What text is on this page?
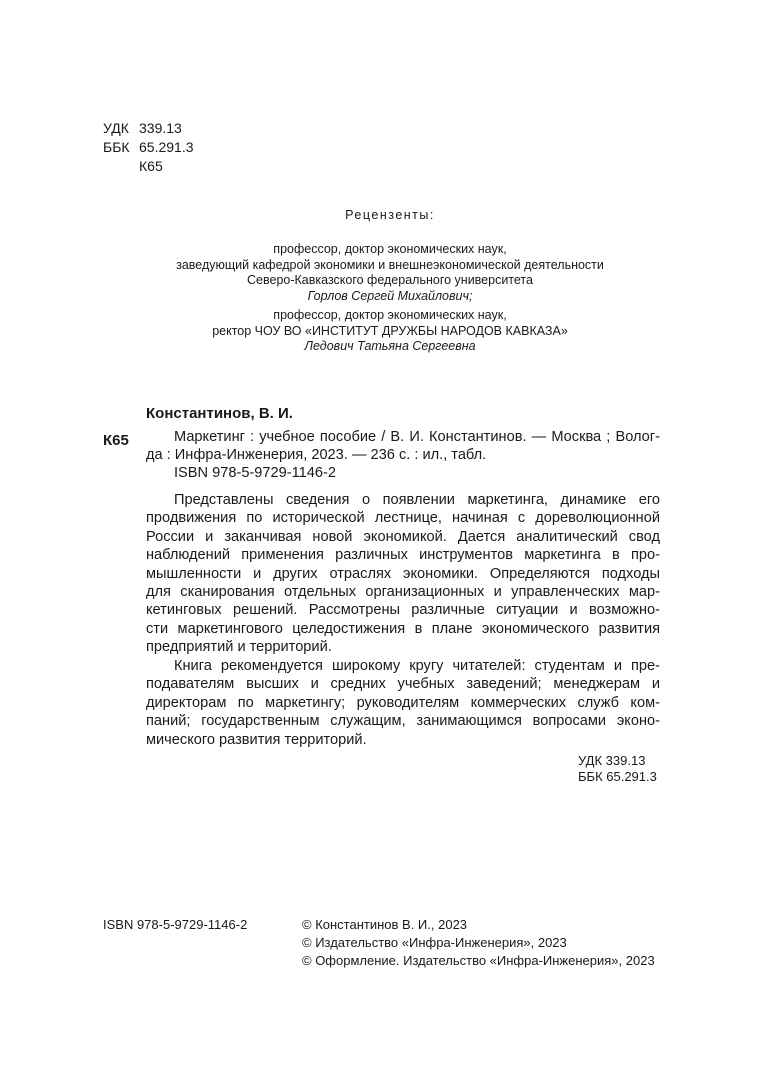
УДК 339.13
ББК 65.291.3
К65
Рецензенты:
профессор, доктор экономических наук,
заведующий кафедрой экономики и внешнеэкономической деятельности
Северо-Кавказского федерального университета
Горлов Сергей Михайлович;
профессор, доктор экономических наук,
ректор ЧОУ ВО «ИНСТИТУТ ДРУЖБЫ НАРОДОВ КАВКАЗА»
Ледович Татьяна Сергеевна
Константинов, В. И.
К65	Маркетинг : учебное пособие / В. И. Константинов. — Москва ; Волог-
да : Инфра-Инженерия, 2023. — 236 с. : ил., табл.
ISBN 978-5-9729-1146-2
Представлены сведения о появлении маркетинга, динамике его
продвижения по исторической лестнице, начиная с дореволюционной
России и заканчивая новой экономикой. Дается аналитический свод
наблюдений применения различных инструментов маркетинга в про-
мышленности и других отраслях экономики. Определяются подходы
для сканирования отдельных организационных и управленческих мар-
кетинговых решений. Рассмотрены различные ситуации и возможно-
сти маркетингового целедостижения в плане экономического развития
предприятий и территорий.
Книга рекомендуется широкому кругу читателей: студентам и пре-
подавателям высших и средних учебных заведений; менеджерам и
директорам по маркетингу; руководителям коммерческих служб ком-
паний; государственным служащим, занимающимся вопросами эконо-
мического развития территорий.
УДК 339.13
ББК 65.291.3
ISBN 978-5-9729-1146-2	© Константинов В. И., 2023
© Издательство «Инфра-Инженерия», 2023
© Оформление. Издательство «Инфра-Инженерия», 2023
